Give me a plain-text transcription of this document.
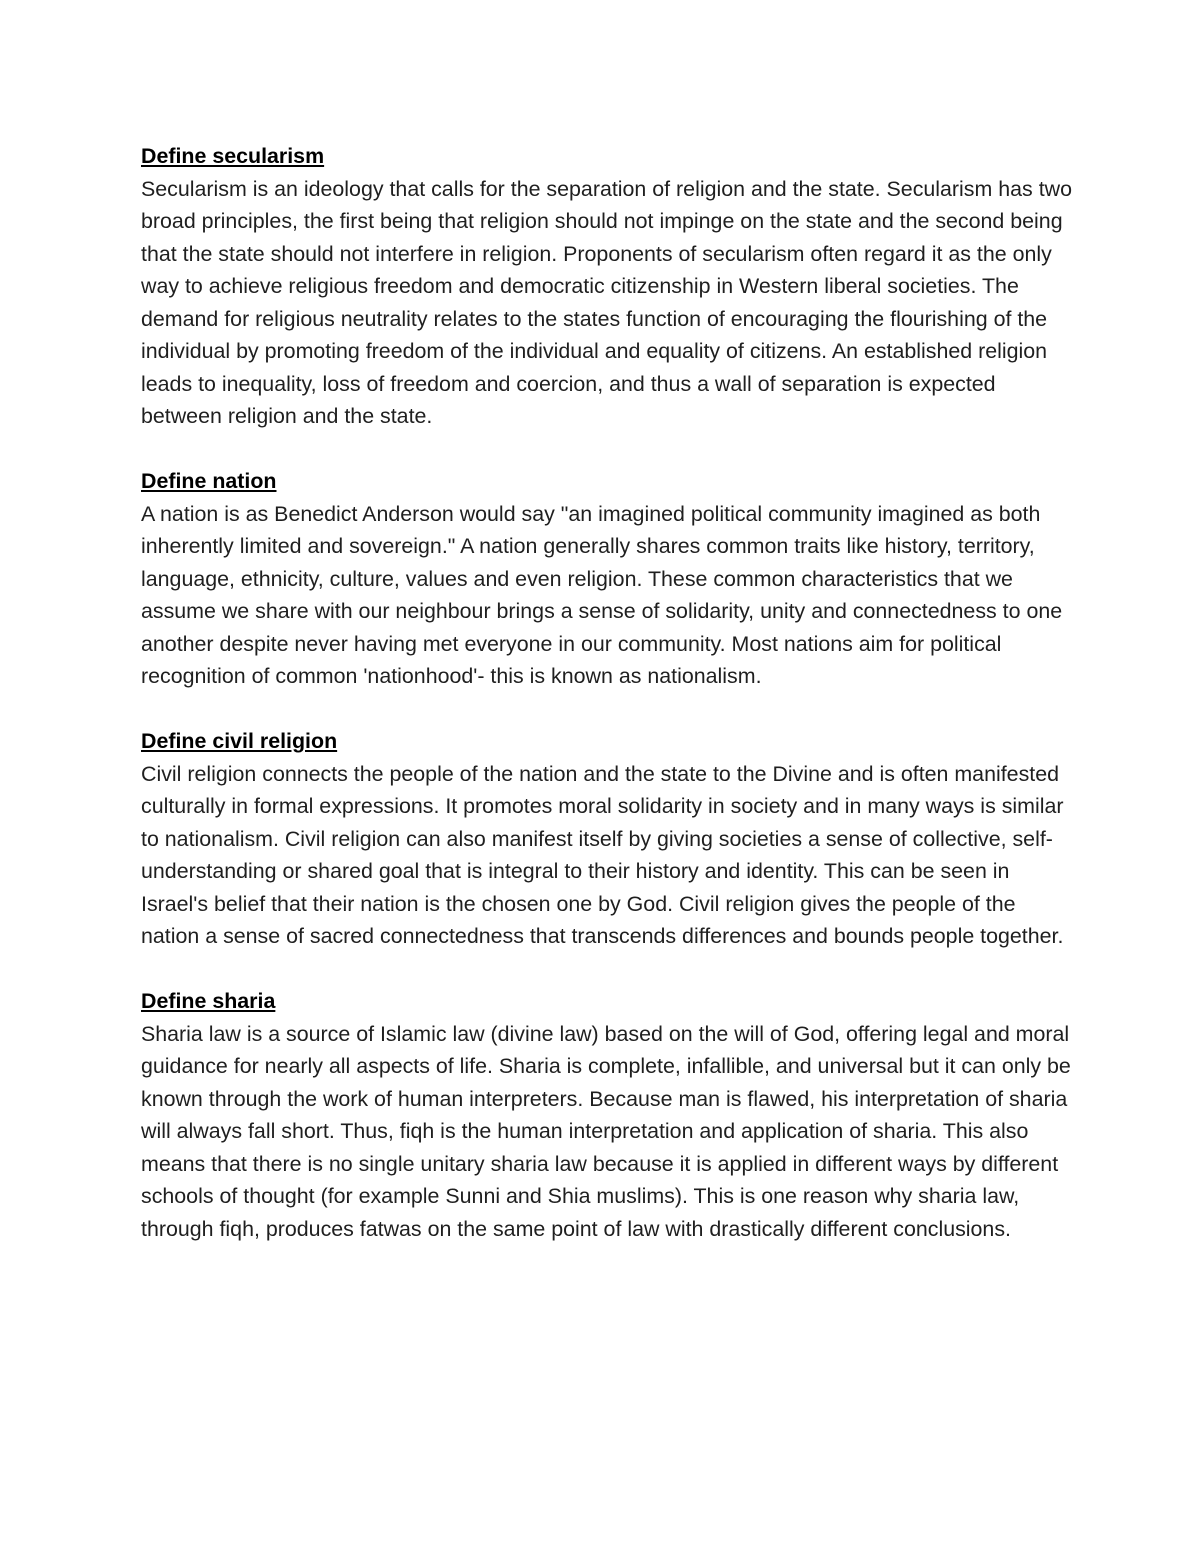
Define secularism

Secularism is an ideology that calls for the separation of religion and the state. Secularism has two broad principles, the first being that religion should not impinge on the state and the second being that the state should not interfere in religion. Proponents of secularism often regard it as the only way to achieve religious freedom and democratic citizenship in Western liberal societies. The demand for religious neutrality relates to the states function of encouraging the flourishing of the individual by promoting freedom of the individual and equality of citizens. An established religion leads to inequality, loss of freedom and coercion, and thus a wall of separation is expected between religion and the state.

Define nation

A nation is as Benedict Anderson would say "an imagined political community imagined as both inherently limited and sovereign." A nation generally shares common traits like history, territory, language, ethnicity, culture, values and even religion. These common characteristics that we assume we share with our neighbour brings a sense of solidarity, unity and connectedness to one another despite never having met everyone in our community. Most nations aim for political recognition of common 'nationhood'- this is known as nationalism.

Define civil religion

Civil religion connects the people of the nation and the state to the Divine and is often manifested culturally in formal expressions. It promotes moral solidarity in society and in many ways is similar to nationalism. Civil religion can also manifest itself by giving societies a sense of collective, self-understanding or shared goal that is integral to their history and identity. This can be seen in Israel's belief that their nation is the chosen one by God. Civil religion gives the people of the nation a sense of sacred connectedness that transcends differences and bounds people together.

Define sharia

Sharia law is a source of Islamic law (divine law) based on the will of God, offering legal and moral guidance for nearly all aspects of life. Sharia is complete, infallible, and universal but it can only be known through the work of human interpreters. Because man is flawed, his interpretation of sharia will always fall short. Thus, fiqh is the human interpretation and application of sharia. This also means that there is no single unitary sharia law because it is applied in different ways by different schools of thought (for example Sunni and Shia muslims). This is one reason why sharia law, through fiqh, produces fatwas on the same point of law with drastically different conclusions.
